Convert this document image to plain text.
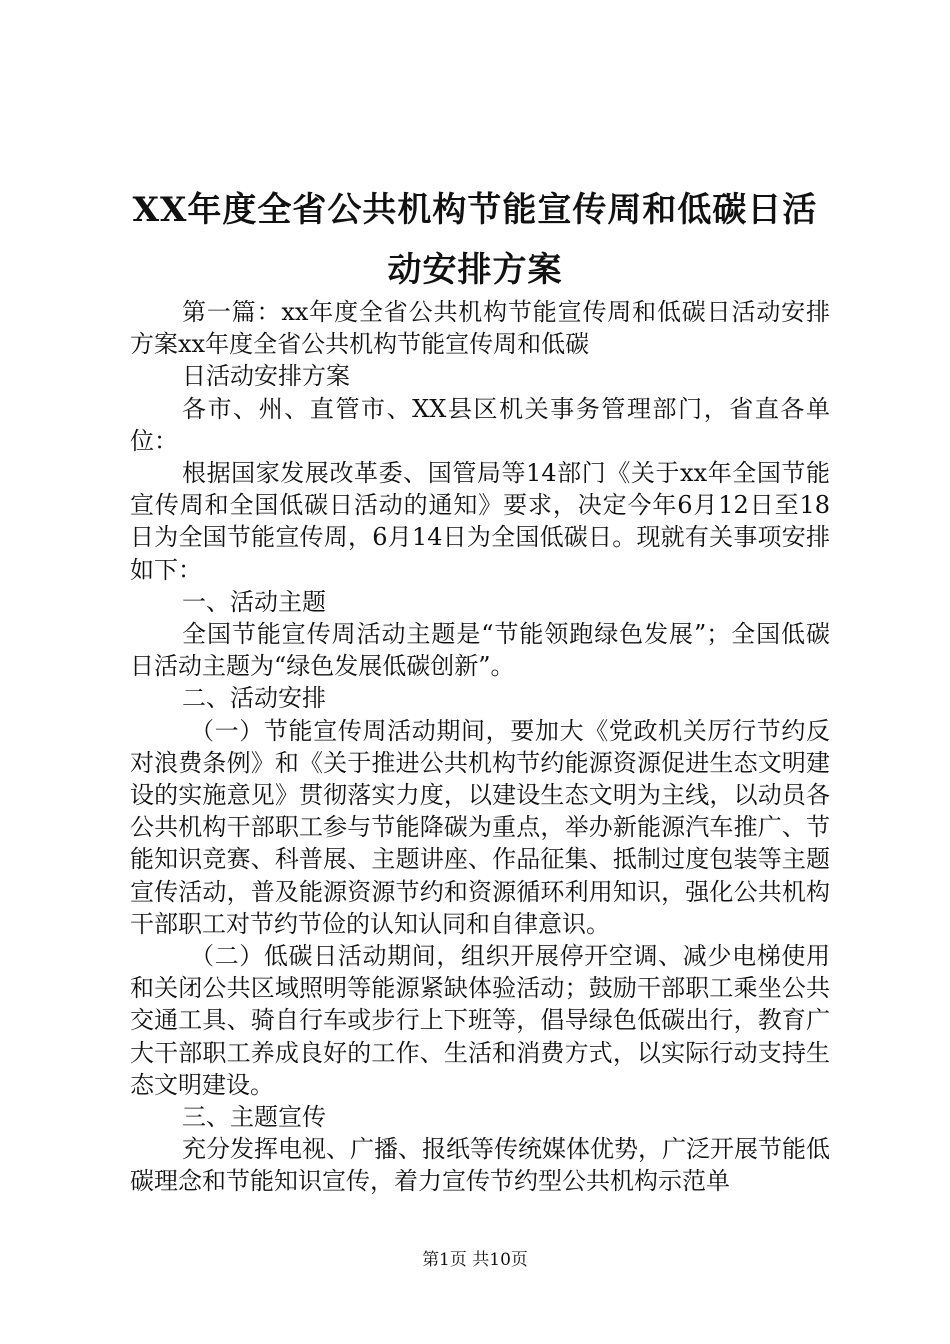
XX年度全省公共机构节能宣传周和低碳日活
动安排方案

第一篇：xx年度全省公共机构节能宣传周和低碳日活动安排方案xx年度全省公共机构节能宣传周和低碳

日活动安排方案

各市、州、直管市、XX县区机关事务管理部门，省直各单位：

根据国家发展改革委、国管局等14部门《关于xx年全国节能宣传周和全国低碳日活动的通知》要求，决定今年6月12日至18日为全国节能宣传周，6月14日为全国低碳日。现就有关事项安排如下：

一、活动主题

全国节能宣传周活动主题是“节能领跑绿色发展”；全国低碳日活动主题为“绿色发展低碳创新”。

二、活动安排

（一）节能宣传周活动期间，要加大《党政机关厉行节约反对浪费条例》和《关于推进公共机构节约能源资源促进生态文明建设的实施意见》贯彻落实力度，以建设生态文明为主线，以动员各公共机构干部职工参与节能降碳为重点，举办新能源汽车推广、节能知识竞赛、科普展、主题讲座、作品征集、抵制过度包装等主题宣传活动，普及能源资源节约和资源循环利用知识，强化公共机构干部职工对节约节俭的认知认同和自律意识。

（二）低碳日活动期间，组织开展停开空调、减少电梯使用和关闭公共区域照明等能源紧缺体验活动；鼓励干部职工乘坐公共交通工具、骑自行车或步行上下班等，倡导绿色低碳出行，教育广大干部职工养成良好的工作、生活和消费方式，以实际行动支持生态文明建设。

三、主题宣传

充分发挥电视、广播、报纸等传统媒体优势，广泛开展节能低碳理念和节能知识宣传，着力宣传节约型公共机构示范单

第1页 共10页
